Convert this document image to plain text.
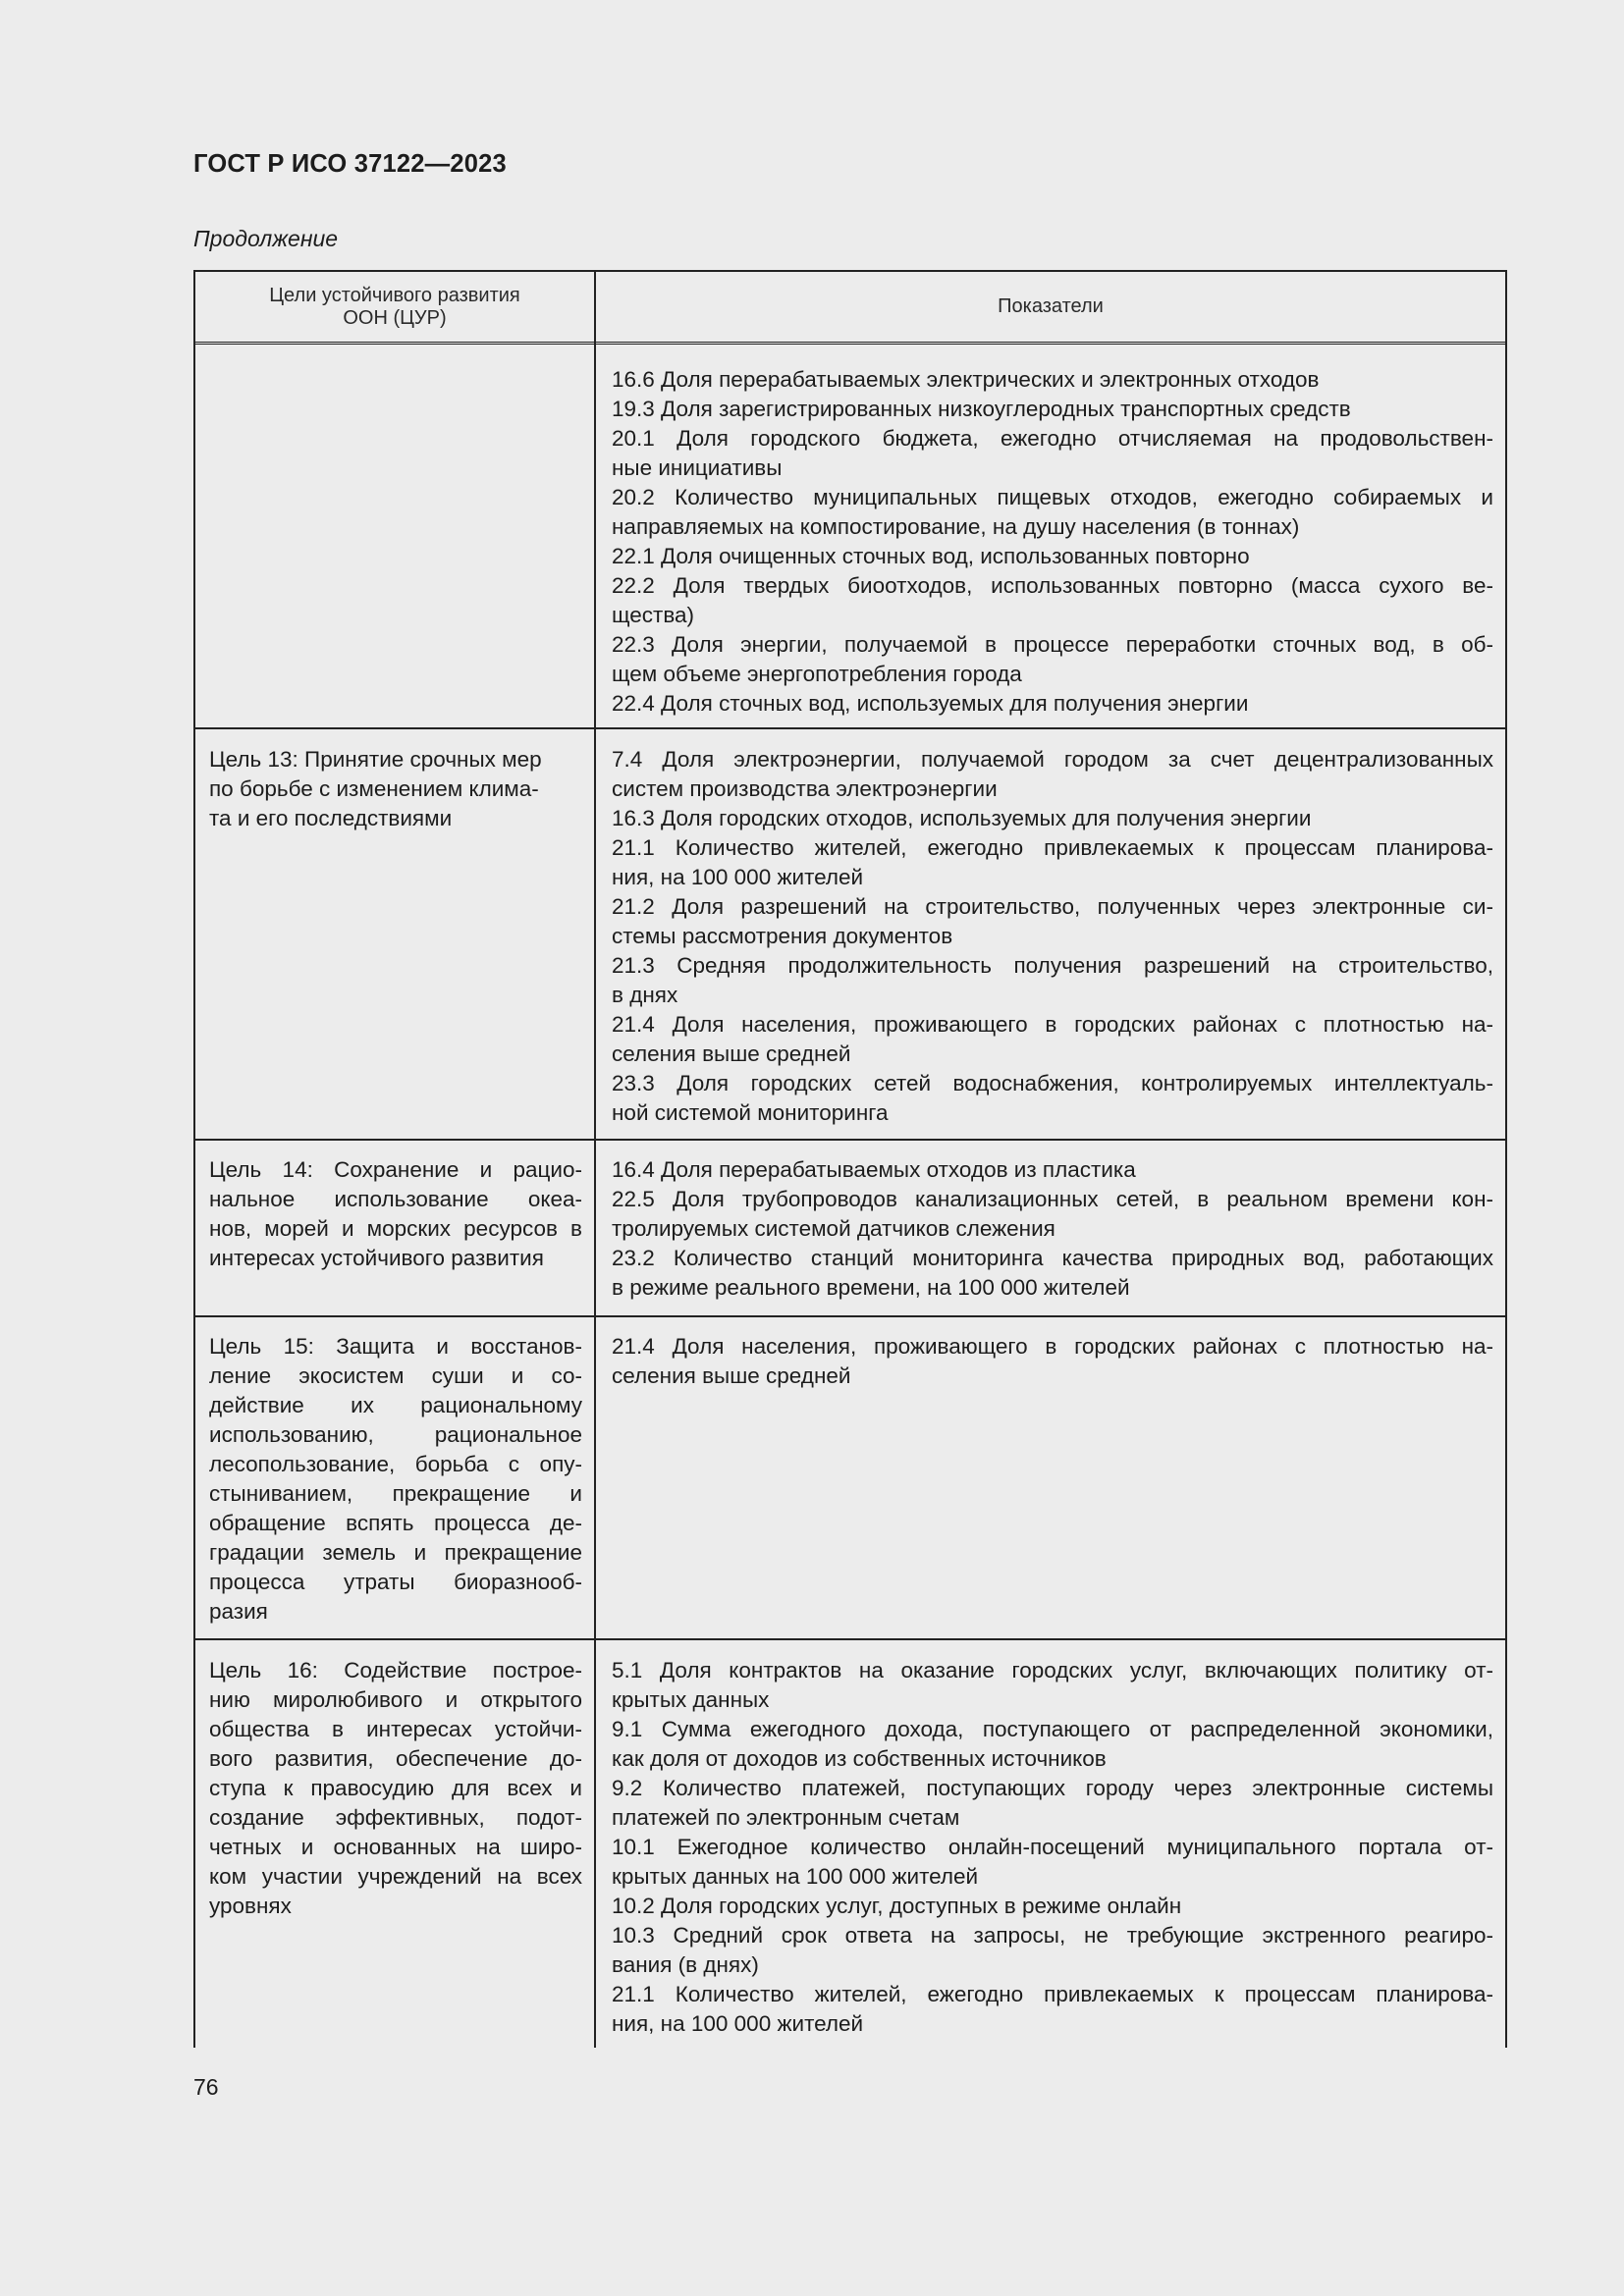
ГОСТ Р ИСО 37122—2023
Продолжение
Цели устойчивого развития
ООН (ЦУР)
Показатели
16.6 Доля перерабатываемых электрических и электронных отходов
19.3 Доля зарегистрированных низкоуглеродных транспортных средств
20.1 Доля городского бюджета, ежегодно отчисляемая на продовольствен-
ные инициативы
20.2 Количество муниципальных пищевых отходов, ежегодно собираемых и
направляемых на компостирование, на душу населения (в тоннах)
22.1 Доля очищенных сточных вод, использованных повторно
22.2 Доля твердых биоотходов, использованных повторно (масса сухого ве-
щества)
22.3 Доля энергии, получаемой в процессе переработки сточных вод, в об-
щем объеме энергопотребления города
22.4 Доля сточных вод, используемых для получения энергии
Цель 13: Принятие срочных мер
по борьбе с изменением клима-
та и его последствиями
7.4 Доля электроэнергии, получаемой городом за счет децентрализованных
систем производства электроэнергии
16.3 Доля городских отходов, используемых для получения энергии
21.1 Количество жителей, ежегодно привлекаемых к процессам планирова-
ния, на 100 000 жителей
21.2 Доля разрешений на строительство, полученных через электронные си-
стемы рассмотрения документов
21.3 Средняя продолжительность получения разрешений на строительство,
в днях
21.4 Доля населения, проживающего в городских районах с плотностью на-
селения выше средней
23.3 Доля городских сетей водоснабжения, контролируемых интеллектуаль-
ной системой мониторинга
Цель 14: Сохранение и рацио-
нальное использование океа-
нов, морей и морских ресурсов в
интересах устойчивого развития
16.4 Доля перерабатываемых отходов из пластика
22.5 Доля трубопроводов канализационных сетей, в реальном времени кон-
тролируемых системой датчиков слежения
23.2 Количество станций мониторинга качества природных вод, работающих
в режиме реального времени, на 100 000 жителей
Цель 15: Защита и восстанов-
ление экосистем суши и со-
действие их рациональному
использованию, рациональное
лесопользование, борьба с опу-
стыниванием, прекращение и
обращение вспять процесса де-
градации земель и прекращение
процесса утраты биоразнооб-
разия
21.4 Доля населения, проживающего в городских районах с плотностью на-
селения выше средней
Цель 16: Содействие построе-
нию миролюбивого и открытого
общества в интересах устойчи-
вого развития, обеспечение до-
ступа к правосудию для всех и
создание эффективных, подот-
четных и основанных на широ-
ком участии учреждений на всех
уровнях
5.1 Доля контрактов на оказание городских услуг, включающих политику от-
крытых данных
9.1 Сумма ежегодного дохода, поступающего от распределенной экономики,
как доля от доходов из собственных источников
9.2 Количество платежей, поступающих городу через электронные системы
платежей по электронным счетам
10.1 Ежегодное количество онлайн-посещений муниципального портала от-
крытых данных на 100 000 жителей
10.2 Доля городских услуг, доступных в режиме онлайн
10.3 Средний срок ответа на запросы, не требующие экстренного реагиро-
вания (в днях)
21.1 Количество жителей, ежегодно привлекаемых к процессам планирова-
ния, на 100 000 жителей
76
